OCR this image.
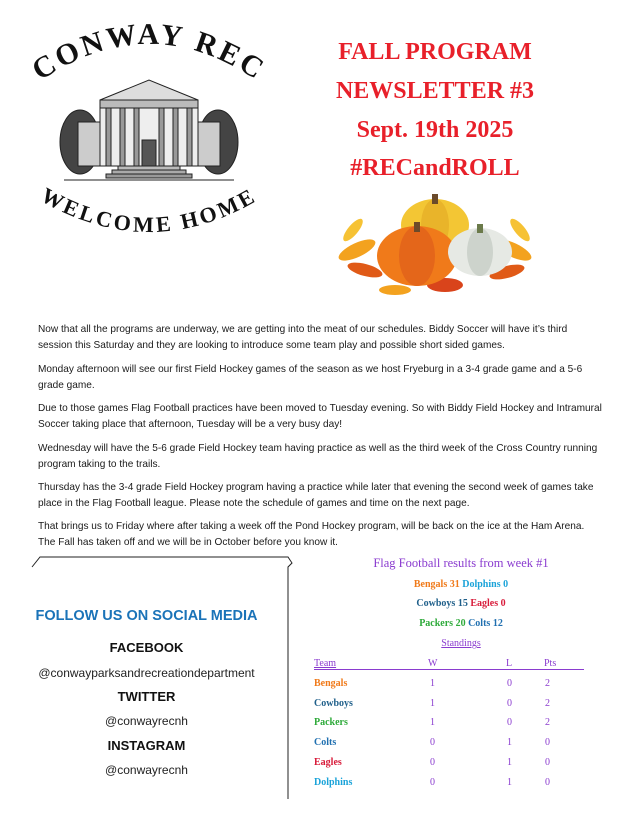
CONWAY REC
WELCOME HOME
FALL PROGRAM
NEWSLETTER #3
Sept. 19th 2025
#RECandROLL

Now that all the programs are underway, we are getting into the meat of our schedules. Biddy Soccer will have it’s third session this Saturday and they are looking to introduce some team play and possible short sided games.

Monday afternoon will see our first Field Hockey games of the season as we host Fryeburg in a 3-4 grade game and a 5-6 grade game.

Due to those games Flag Football practices have been moved to Tuesday evening. So with Biddy Field Hockey and Intramural Soccer taking place that afternoon, Tuesday will be a very busy day!

Wednesday will have the 5-6 grade Field Hockey team having practice as well as the third week of the Cross Country running program taking to the trails.

Thursday has the 3-4 grade Field Hockey program having a practice while later that evening the second week of games take place in the Flag Football league. Please note the schedule of games and time on the next page.

That brings us to Friday where after taking a week off the Pond Hockey program, will be back on the ice at the Ham Arena. The Fall has taken off and we will be in October before you know it.

FOLLOW US ON SOCIAL MEDIA
FACEBOOK
@conwayparksandrecreationdepartment
TWITTER
@conwayrecnh
INSTAGRAM
@conwayrecnh
Flag Football results from week #1
Bengals 31 Dolphins 0
Cowboys 15 Eagles 0
Packers 20 Colts 12
Standings
Team	W	L	Pts
Bengals	1	0	2
Cowboys	1	0	2
Packers	1	0	2
Colts	0	1	0
Eagles	0	1	0
Dolphins	0	1	0
